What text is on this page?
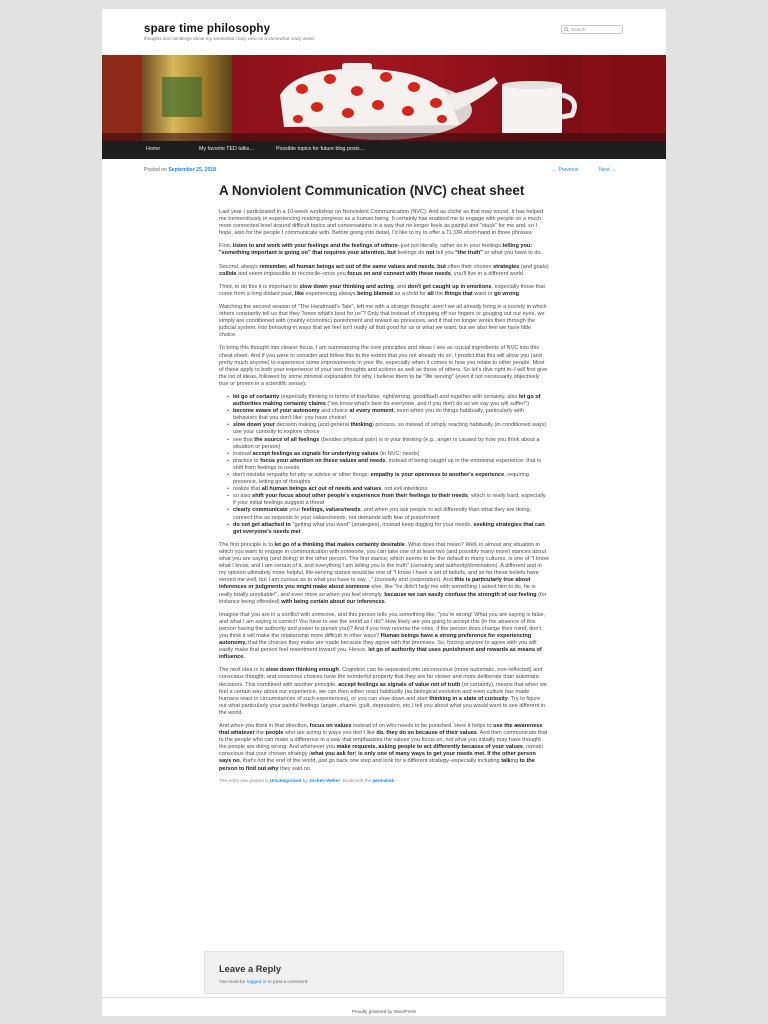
spare time philosophy
thoughts and ramblings about my somewhat crazy view on a somewhat crazy world
Search
Home	My favorite TED talks…	Possible topics for future blog posts…
Posted on September 25, 2018	← Previous	Next →
A Nonviolent Communication (NVC) cheat sheet

Last year I participated in a 10-week workshop on Nonviolent Communication (NVC). And as cliché as that may sound, it has helped me tremendously in experiencing making progress as a human being. It certainly has enabled me to engage with people on a much more connected level around difficult topics and conversations in a way that no longer feels as painful and "stuck" for me and, so I hope, also for the people I communicate with. Before going into detail, I'd like to try to offer a TL;DR short-hand in three phrases:

First, listen to and work with your feelings and the feelings of others–just not literally, rather as in your feelings telling you: "something important is going on" that requires your attention, but feelings do not tell you "the truth" or what you have to do.

Second, always remember, all human beings act out of the same values and needs, but often their chosen strategies (and goals) collide and seem impossible to reconcile–once you focus on and connect with these needs, you'll live in a different world.

Third, to do this it is important to slow down your thinking and acting, and don't get caught up in emotions, especially those that come from a long distant past, like experiencing always being blamed as a child for all the things that want or go wrong.

Watching the second season of "The Handmaid's Tale", left me with a strange thought: aren't we all already living in a society in which others constantly tell us that they "know what's best for us"? Only that instead of chopping off our fingers or gouging out our eyes, we simply are conditioned with (mainly economic) punishment and reward as pressures, and if that no longer works then through the judicial system, into behaving in ways that we feel isn't really all that good for us or what we want, but we also feel we have little choice.

To bring this thought into clearer focus, I am summarizing the core principles and ideas I see as crucial ingredients of NVC into this cheat sheet. And if you were to consider and follow this to the extent that you not already do so, I predict that this will allow you (and pretty much anyone) to experience some improvements in your life, especially when it comes to how you relate to other people. Most of these apply to both your experience of your own thoughts and actions as well as those of others. So let's dive right in–I will first give the list of ideas, followed by some minimal explanation for why I believe them to be "life serving" (even if not necessarily objectively true or proven in a scientific sense):

• let go of certainty (especially thinking in terms of true/false, right/wrong, good/bad) and together with certainty, also let go of authorities making certainty claims ("we know what's best for everyone, and if you don't do as we say you will suffer!")
• become aware of your autonomy and choice at every moment, even when you do things habitually, particularly with behaviors that you don't like: you have choice!
• slow down your decision making (and general thinking) process, so instead of simply reacting habitually (in conditioned ways) use your curiosity to explore choice
• see that the source of all feelings (besides physical pain) is in your thinking (e.g., anger is caused by how you think about a situation or person)
• instead accept feelings as signals for underlying values (in NVC: needs)
• practice to focus your attention on these values and needs, instead of being caught up in the emotional experience: that is shift from feelings to needs
• don't mistake empathy for pity or advice or other things: empathy is your openness to another's experience, requiring presence, letting go of thoughts
• realize that all human beings act out of needs and values, not evil intentions
• so also shift your focus about other people's experience from their feelings to their needs, which is really hard, especially if your initial feelings suggest a threat
• clearly communicate your feelings, values/needs, and when you ask people to act differently than what they are doing, connect this as requests to your values/needs, not demands with fear of punishment
• do not get attached to "getting what you want" (strategies), instead keep digging for your needs, seeking strategies that can get everyone's needs met

The first principle is to let go of a thinking that makes certainty desirable. What does that mean? Well, in almost any situation in which you want to engage in communication with someone, you can take one of at least two (and possibly many more) stances about what you are saying (and doing) to the other person. The first stance, which seems to be the default in many cultures, is one of "I know what I know, and I am certain of it, and everything I am telling you is the truth" (certainty and authority/domination). A different and in my opinion ultimately more helpful, life-serving stance would be one of "I know I have a set of beliefs, and so far these beliefs have served me well, but I am curious as to what you have to say…" (curiosity and cooperation). And this is particularly true about inferences or judgments you might make about someone else, like "he didn't help me with something I asked him to do, he is really totally unreliable!", and even more so when you feel strongly, because we can easily confuse the strength of our feeling (for instance being offended) with being certain about our inferences.

Imagine that you are in a conflict with someone, and this person tells you something like, "you're wrong! What you are saying is false, and what I am saying is correct! You have to see the world as I do!" How likely are you going to accept this (in the absence of this person having the authority and power to punish you)? And if you now reverse the roles, if the person does change their mind, don't you think it will make the relationship more difficult in other ways? Human beings have a strong preference for experiencing autonomy, that the choices they make are made because they agree with the premises. So, forcing anyone to agree with you will easily make that person feel resentment toward you. Hence, let go of authority that uses punishment and rewards as means of influence.

The next idea is to slow down thinking enough. Cognition can be separated into unconscious (more automatic, non-reflected) and conscious thought, and conscious choices have the wonderful property that they are far slower and more deliberate than automatic decisions. This combined with another principle, accept feelings as signals of value not of truth (or certainty), means that when we feel a certain way about our experience, we can then either react habitually (as biological evolution and even culture has made humans react in circumstances of such experiences), or you can slow down and start thinking in a state of curiosity. Try to figure out what particularly your painful feelings (anger, shame, guilt, depression, etc.) tell you about what you would want to see different in the world.

And when you think in that direction, focus on values instead of on who needs to be punished. Here it helps to use the awareness that whatever the people who are acting in ways you don't like do, they do so because of their values. And then communicate that to the people who can make a difference in a way that emphasizes the values you focus on, not what you initially may have thought the people are doing wrong. And whenever you make requests, asking people to act differently because of your values, remain conscious that your chosen strategy (what you ask for) is only one of many ways to get your needs met. If the other person says no, that's not the end of the world, just go back one step and look for a different strategy–especially including talking to the person to find out why they said no.

This entry was posted in Uncategorized by Jochen Weber. Bookmark the permalink.
Leave a Reply
You must be logged in to post a comment.
Proudly powered by WordPress
